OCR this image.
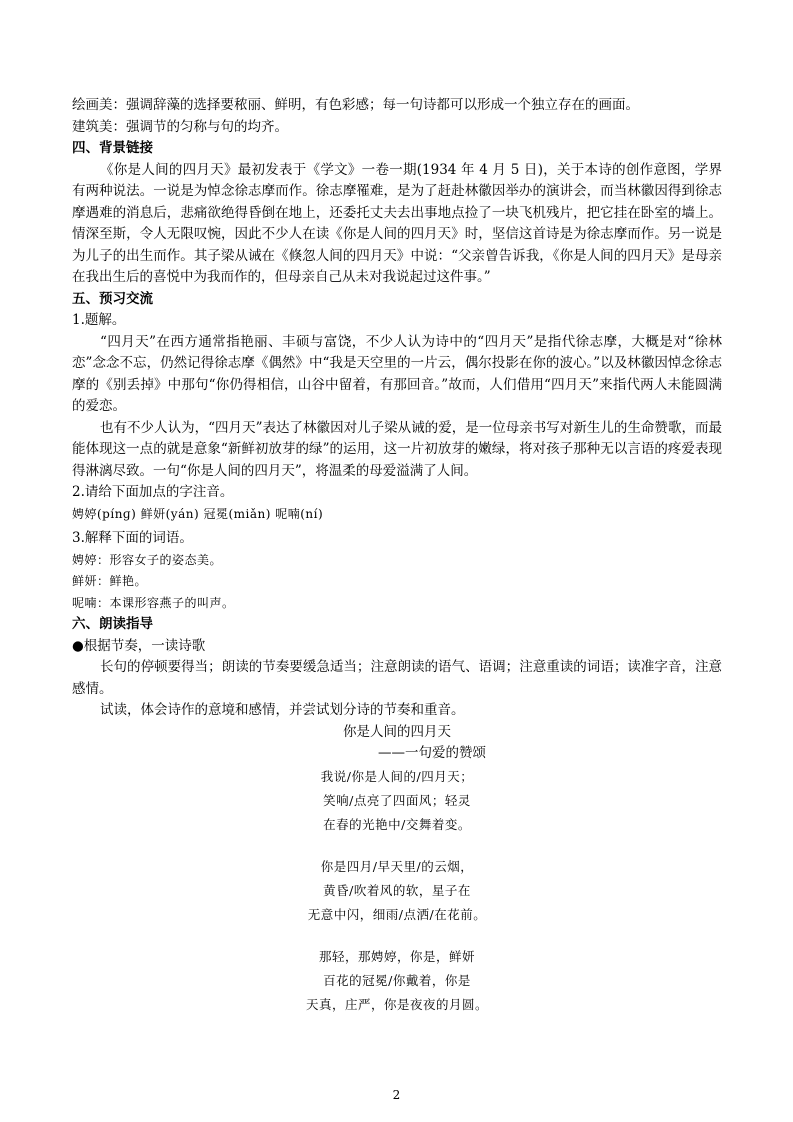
绘画美：强调辞藻的选择要秾丽、鲜明，有色彩感；每一句诗都可以形成一个独立存在的画面。

建筑美：强调节的匀称与句的均齐。

四、背景链接

《你是人间的四月天》最初发表于《学文》一卷一期(1934 年 4 月 5 日)，关于本诗的创作意图，学界有两种说法。一说是为悼念徐志摩而作。徐志摩罹难，是为了赶赴林徽因举办的演讲会，而当林徽因得到徐志摩遇难的消息后，悲痛欲绝得昏倒在地上，还委托丈夫去出事地点捡了一块飞机残片，把它挂在卧室的墙上。情深至斯，令人无限叹惋，因此不少人在读《你是人间的四月天》时，坚信这首诗是为徐志摩而作。另一说是为儿子的出生而作。其子梁从诫在《倏忽人间的四月天》中说：“父亲曾告诉我，《你是人间的四月天》是母亲在我出生后的喜悦中为我而作的，但母亲自己从未对我说起过这件事。”

五、预习交流

1.题解。

“四月天”在西方通常指艳丽、丰硕与富饶，不少人认为诗中的“四月天”是指代徐志摩，大概是对“徐林恋”念念不忘，仍然记得徐志摩《偶然》中“我是天空里的一片云，偶尔投影在你的波心。”以及林徽因悼念徐志摩的《别丢掉》中那句“你仍得相信，山谷中留着，有那回音。”故而，人们借用“四月天”来指代两人未能圆满的爱恋。

也有不少人认为，“四月天”表达了林徽因对儿子梁从诫的爱，是一位母亲书写对新生儿的生命赞歌，而最能体现这一点的就是意象“新鲜初放芽的绿”的运用，这一片初放芽的嫩绿，将对孩子那种无以言语的疼爱表现得淋漓尽致。一句“你是人间的四月天”，将温柔的母爱溢满了人间。

2.请给下面加点的字注音。

娉婷(pínɡ) 鲜妍(yán) 冠冕(miǎn) 呢喃(ní)

3.解释下面的词语。

娉婷：形容女子的姿态美。

鲜妍：鲜艳。

呢喃：本课形容燕子的叫声。

六、朗读指导

●根据节奏，一读诗歌

长句的停顿要得当；朗读的节奏要缓急适当；注意朗读的语气、语调；注意重读的词语；读准字音，注意感情。

试读，体会诗作的意境和感情，并尝试划分诗的节奏和重音。

你是人间的四月天
——一句爱的赞颂
我说/你是人间的/四月天；
笑响/点亮了四面风；轻灵
在春的光艳中/交舞着变。
你是四月/早天里/的云烟，
黄昏/吹着风的软，星子在
无意中闪，细雨/点洒/在花前。
那轻，那娉婷，你是，鲜妍
百花的冠冕/你戴着，你是
天真，庄严，你是夜夜的月圆。
2
